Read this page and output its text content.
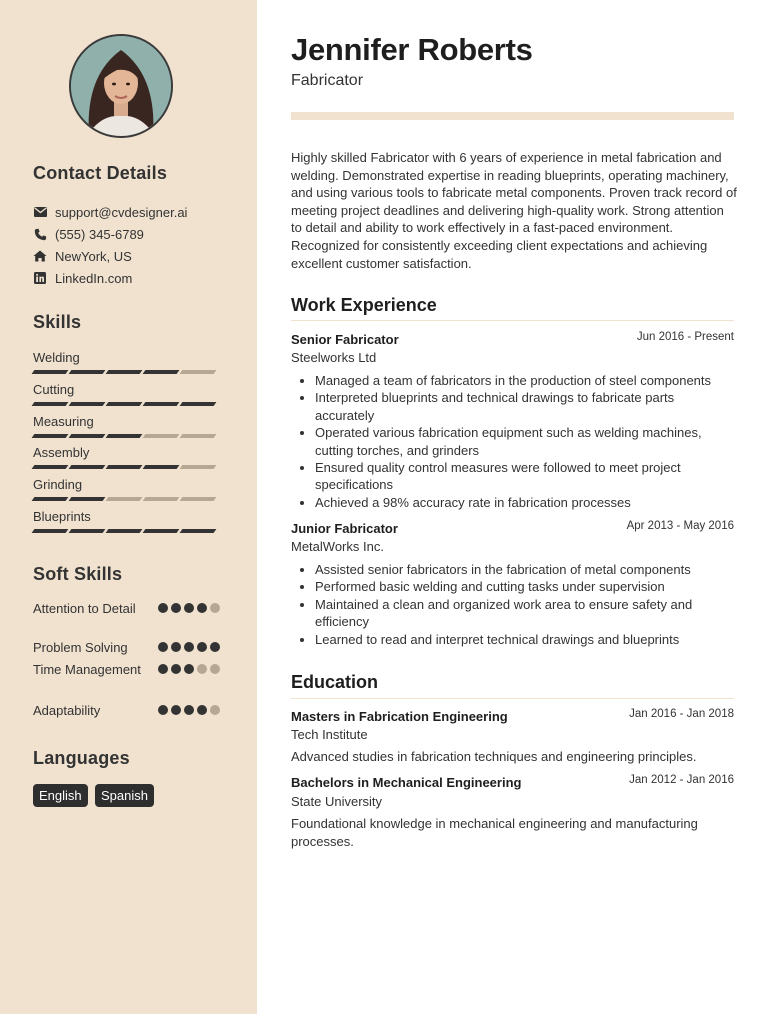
Contact Details
support@cvdesigner.ai
(555) 345-6789
NewYork, US
LinkedIn.com
Skills
Welding
Cutting
Measuring
Assembly
Grinding
Blueprints
Soft Skills
Attention to Detail
Problem Solving
Time Management
Adaptability
Languages
English	Spanish
Jennifer Roberts
Fabricator
Highly skilled Fabricator with 6 years of experience in metal fabrication and welding. Demonstrated expertise in reading blueprints, operating machinery, and using various tools to fabricate metal components. Proven track record of meeting project deadlines and delivering high-quality work. Strong attention to detail and ability to work effectively in a fast-paced environment. Recognized for consistently exceeding client expectations and achieving excellent customer satisfaction.
Work Experience
Senior Fabricator	Jun 2016 - Present
Steelworks Ltd
• Managed a team of fabricators in the production of steel components
• Interpreted blueprints and technical drawings to fabricate parts accurately
• Operated various fabrication equipment such as welding machines, cutting torches, and grinders
• Ensured quality control measures were followed to meet project specifications
• Achieved a 98% accuracy rate in fabrication processes
Junior Fabricator	Apr 2013 - May 2016
MetalWorks Inc.
• Assisted senior fabricators in the fabrication of metal components
• Performed basic welding and cutting tasks under supervision
• Maintained a clean and organized work area to ensure safety and efficiency
• Learned to read and interpret technical drawings and blueprints
Education
Masters in Fabrication Engineering	Jan 2016 - Jan 2018
Tech Institute
Advanced studies in fabrication techniques and engineering principles.
Bachelors in Mechanical Engineering	Jan 2012 - Jan 2016
State University
Foundational knowledge in mechanical engineering and manufacturing processes.
